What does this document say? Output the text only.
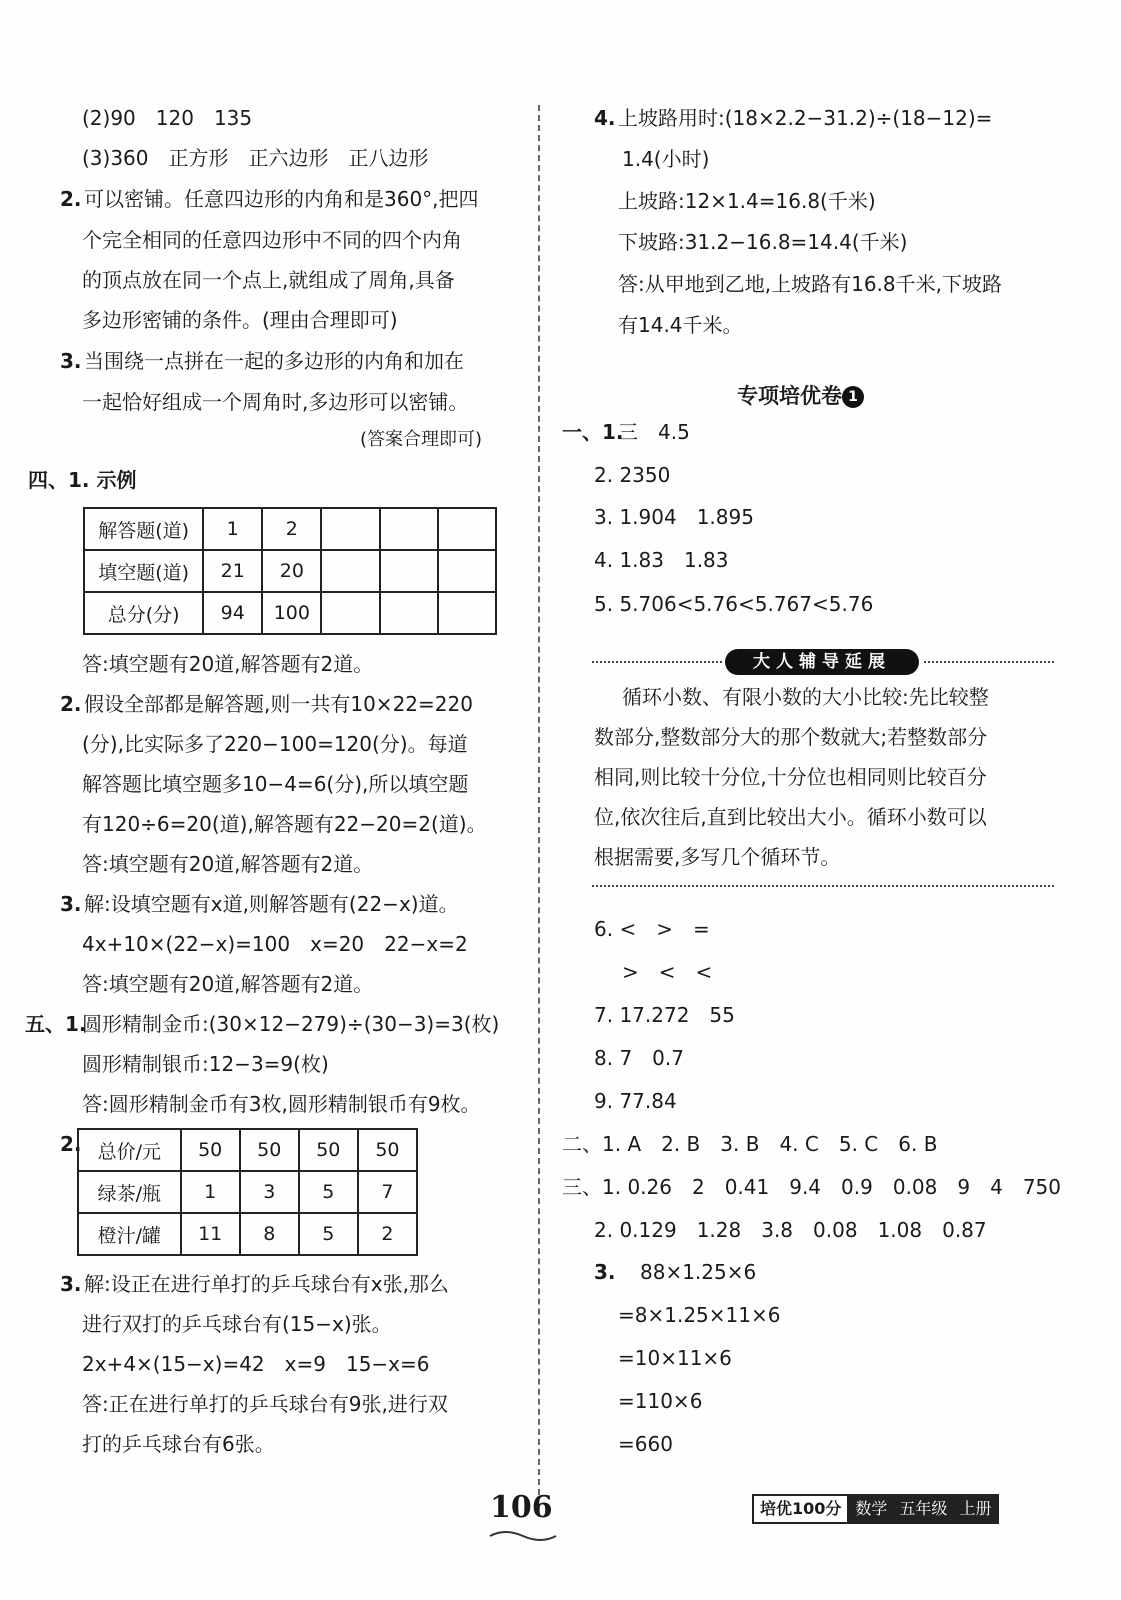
(2)90　120　135
(3)360　正方形　正六边形　正八边形
2. 可以密铺。任意四边形的内角和是360°,把四
个完全相同的任意四边形中不同的四个内角
的顶点放在同一个点上,就组成了周角,具备
多边形密铺的条件。(理由合理即可)
3. 当围绕一点拼在一起的多边形的内角和加在
一起恰好组成一个周角时,多边形可以密铺。
(答案合理即可)
四、1. 示例
解答题(道)	1	2			
填空题(道)	21	20			
总分(分)	94	100			
答:填空题有20道,解答题有2道。
2. 假设全部都是解答题,则一共有10×22=220
(分),比实际多了220−100=120(分)。每道
解答题比填空题多10−4=6(分),所以填空题
有120÷6=20(道),解答题有22−20=2(道)。
答:填空题有20道,解答题有2道。
3. 解:设填空题有x道,则解答题有(22−x)道。
4x+10×(22−x)=100　x=20　22−x=2
答:填空题有20道,解答题有2道。
五、1.
圆形精制金币:(30×12−279)÷(30−3)=3(枚)
圆形精制银币:12−3=9(枚)
答:圆形精制金币有3枚,圆形精制银币有9枚。
2. 总价/元	50	50	50	50
绿茶/瓶	1	3	5	7
橙汁/罐	11	8	5	2
3. 解:设正在进行单打的乒乓球台有x张,那么
进行双打的乒乓球台有(15−x)张。
2x+4×(15−x)=42　x=9　15−x=6
答:正在进行单打的乒乓球台有9张,进行双
打的乒乓球台有6张。
4. 上坡路用时:(18×2.2−31.2)÷(18−12)=
1.4(小时)
上坡路:12×1.4=16.8(千米)
下坡路:31.2−16.8=14.4(千米)
答:从甲地到乙地,上坡路有16.8千米,下坡路
有14.4千米。
专项培优卷 1
一、1.
三　4.5
2. 2350
3. 1.904　1.895
4. 1.83　1.83
5. 5.706<5.76<5.767<5.76
大人辅导延展
循环小数、有限小数的大小比较:先比较整
数部分,整数部分大的那个数就大;若整数部分
相同,则比较十分位,十分位也相同则比较百分
位,依次往后,直到比较出大小。循环小数可以
根据需要,多写几个循环节。
6. <　>　=
>　<　<
7. 17.272　55
8. 7　0.7
9. 77.84
二、1. A　2. B　3. B　4. C　5. C　6. B
三、1. 0.26　2　0.41　9.4　0.9　0.08　9　4　750
2. 0.129　1.28　3.8　0.08　1.08　0.87
3. 88×1.25×6
=8×1.25×11×6
=10×11×6
=110×6
=660
106	培优100分 数学 五年级 上册
